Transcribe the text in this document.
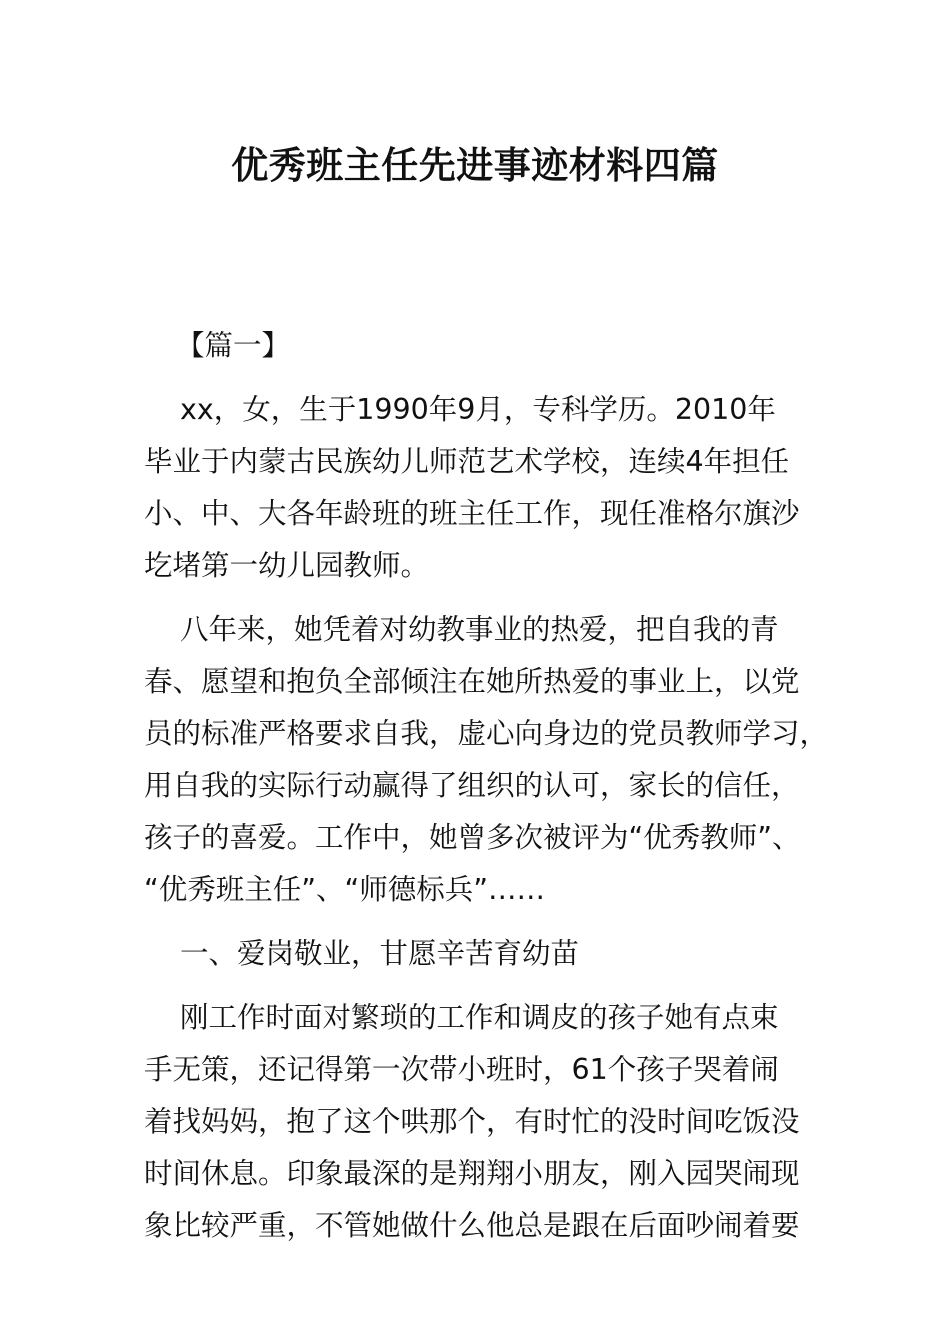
优秀班主任先进事迹材料四篇

【篇一】

xx，女，生于1990年9月，专科学历。2010年
毕业于内蒙古民族幼儿师范艺术学校，连续4年担任
小、中、大各年龄班的班主任工作，现任准格尔旗沙
圪堵第一幼儿园教师。

八年来，她凭着对幼教事业的热爱，把自我的青
春、愿望和抱负全部倾注在她所热爱的事业上，以党
员的标准严格要求自我，虚心向身边的党员教师学习，
用自我的实际行动赢得了组织的认可，家长的信任，
孩子的喜爱。工作中，她曾多次被评为“优秀教师”、
“优秀班主任”、“师德标兵”……

一、爱岗敬业，甘愿辛苦育幼苗

刚工作时面对繁琐的工作和调皮的孩子她有点束
手无策，还记得第一次带小班时，61个孩子哭着闹
着找妈妈，抱了这个哄那个，有时忙的没时间吃饭没
时间休息。印象最深的是翔翔小朋友，刚入园哭闹现
象比较严重，不管她做什么他总是跟在后面吵闹着要
